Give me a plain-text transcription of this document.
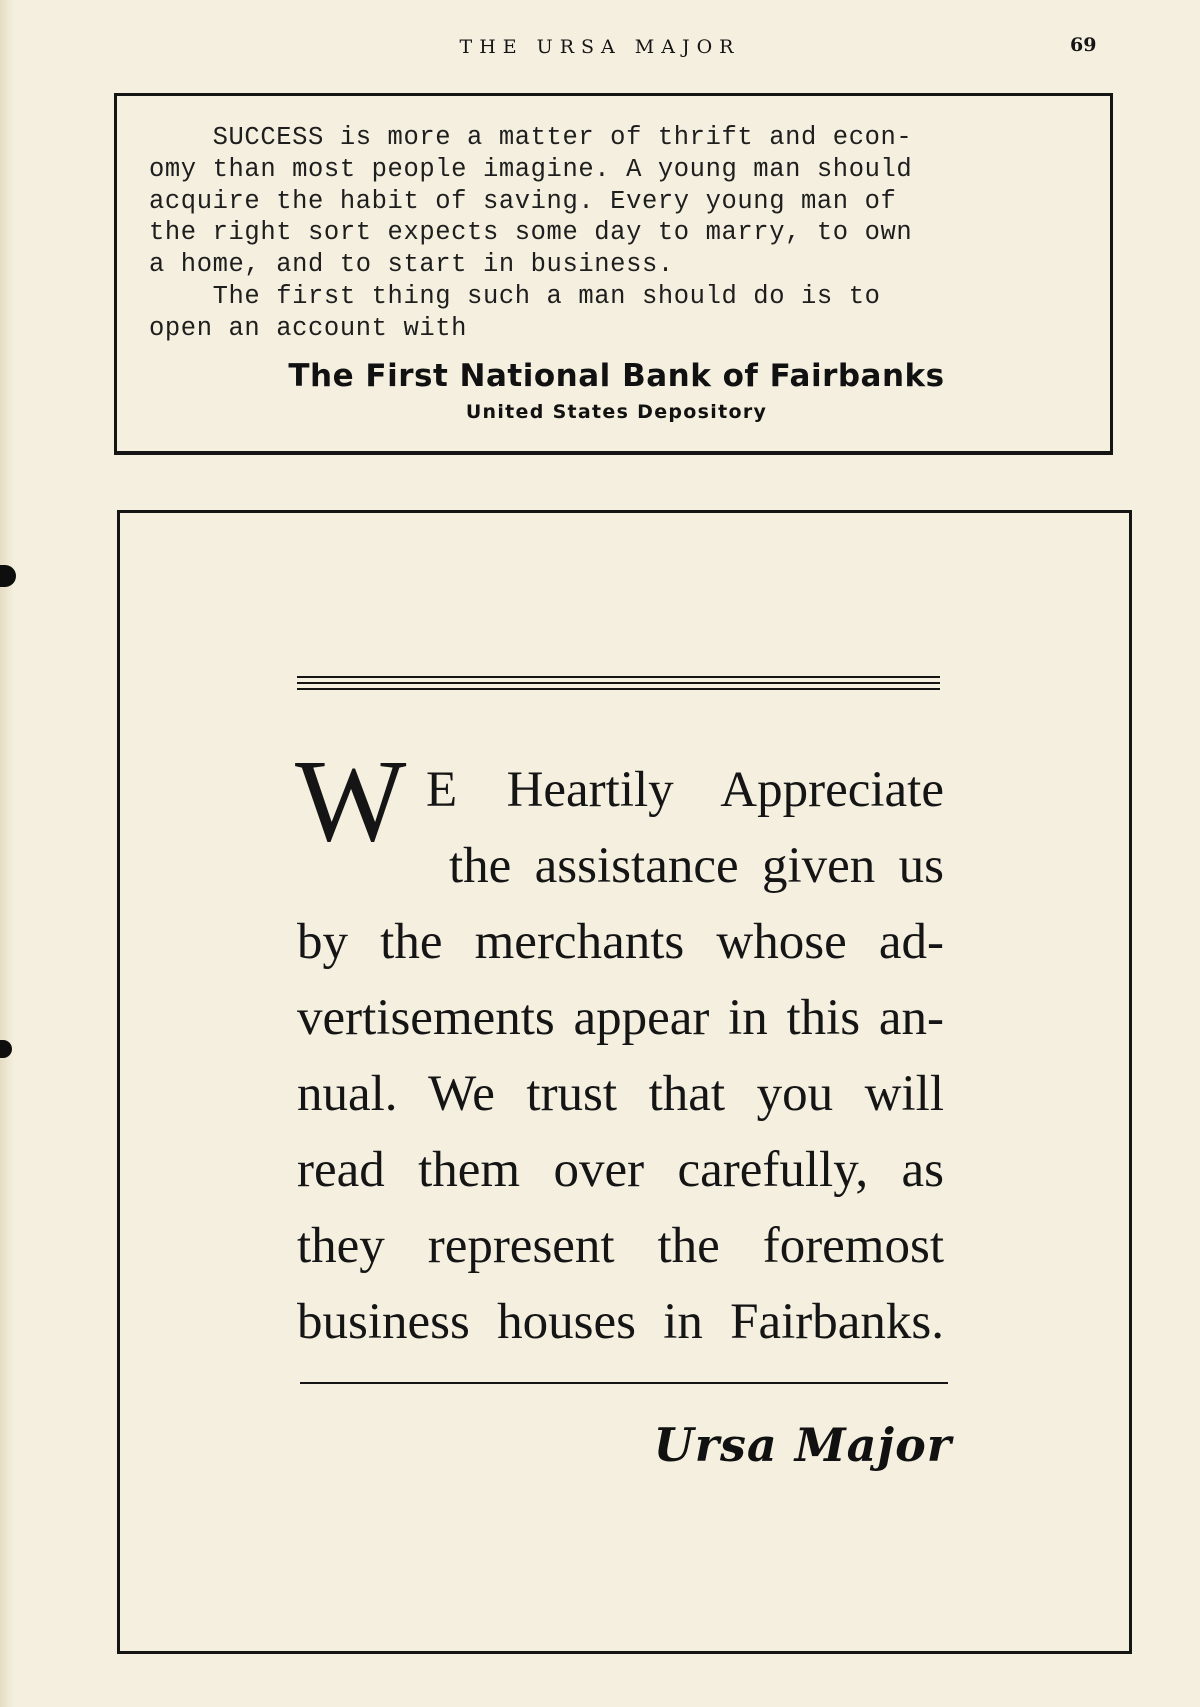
THE URSA MAJOR	69
SUCCESS is more a matter of thrift and econ-
omy than most people imagine. A young man should
acquire the habit of saving. Every young man of
the right sort expects some day to marry, to own
a home, and to start in business.
The first thing such a man should do is to
open an account with
The First National Bank of Fairbanks
United States Depository
W E Heartily Appreciate
the assistance given us
by the merchants whose ad-
vertisements appear in this an-
nual. We trust that you will
read them over carefully, as
they represent the foremost
business houses in Fairbanks.
Ursa Major
